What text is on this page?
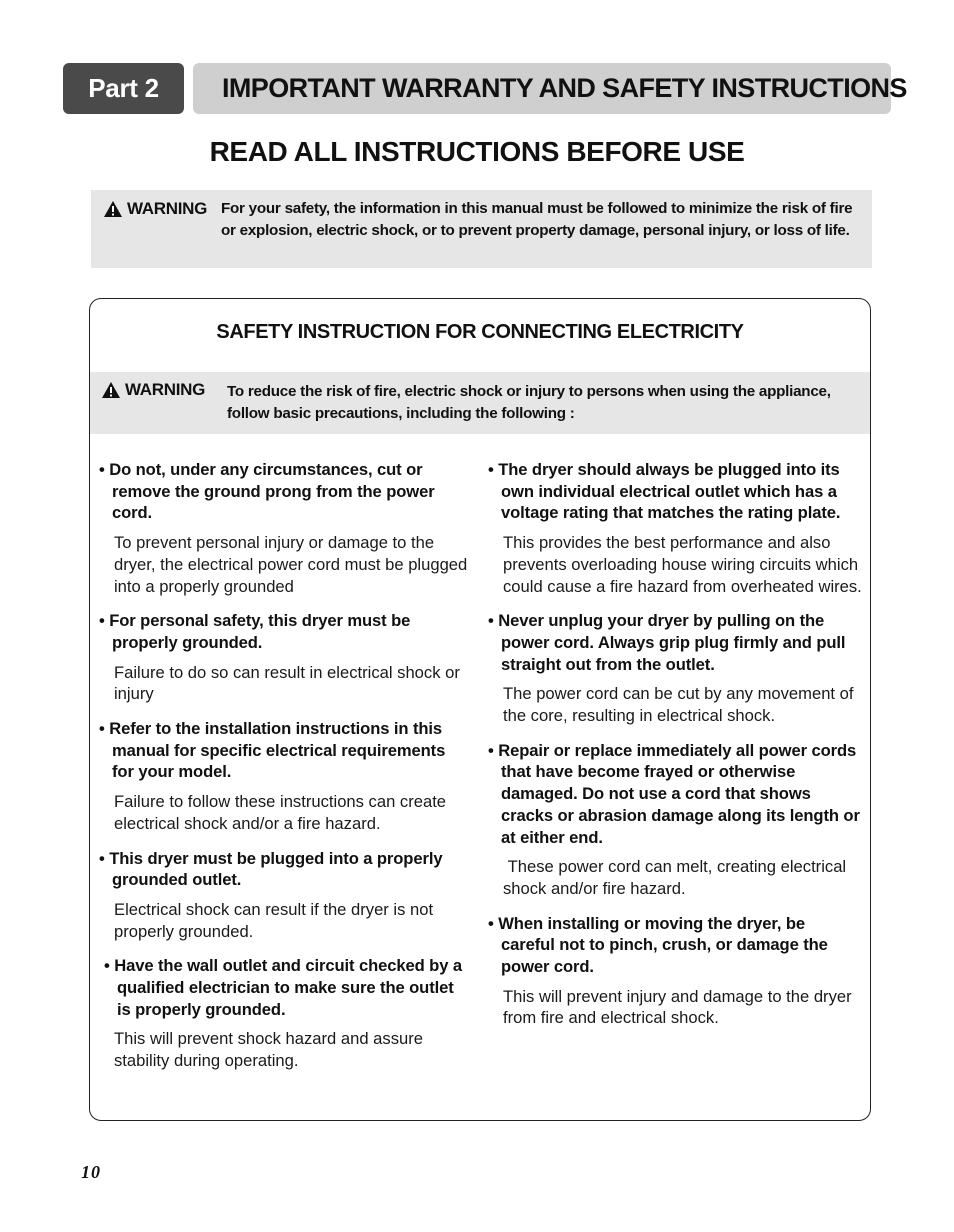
Part 2 IMPORTANT WARRANTY AND SAFETY INSTRUCTIONS
READ ALL INSTRUCTIONS BEFORE USE
WARNING For your safety, the information in this manual must be followed to minimize the risk of fire or explosion, electric shock, or to prevent property damage, personal injury, or loss of life.
SAFETY INSTRUCTION FOR CONNECTING ELECTRICITY
WARNING To reduce the risk of fire, electric shock or injury to persons when using the appliance, follow basic precautions, including the following :
• Do not, under any circumstances, cut or remove the ground prong from the power cord.
To prevent personal injury or damage to the dryer, the electrical power cord must be plugged into a properly grounded
• For personal safety, this dryer must be properly grounded.
Failure to do so can result in electrical shock or injury
• Refer to the installation instructions in this manual for specific electrical requirements for your model.
Failure to follow these instructions can create electrical shock and/or a fire hazard.
• This dryer must be plugged into a properly grounded outlet.
Electrical shock can result if the dryer is not properly grounded.
• Have the wall outlet and circuit checked by a qualified electrician to make sure the outlet is properly grounded.
This will prevent shock hazard and assure stability during operating.
• The dryer should always be plugged into its own individual electrical outlet which has a voltage rating that matches the rating plate.
This provides the best performance and also prevents overloading house wiring circuits which could cause a fire hazard from overheated wires.
• Never unplug your dryer by pulling on the power cord. Always grip plug firmly and pull straight out from the outlet.
The power cord can be cut by any movement of the core, resulting in electrical shock.
• Repair or replace immediately all power cords that have become frayed or otherwise damaged. Do not use a cord that shows cracks or abrasion damage along its length or at either end.
These power cord can melt, creating electrical shock and/or fire hazard.
• When installing or moving the dryer, be careful not to pinch, crush, or damage the power cord.
This will prevent injury and damage to the dryer from fire and electrical shock.
10
